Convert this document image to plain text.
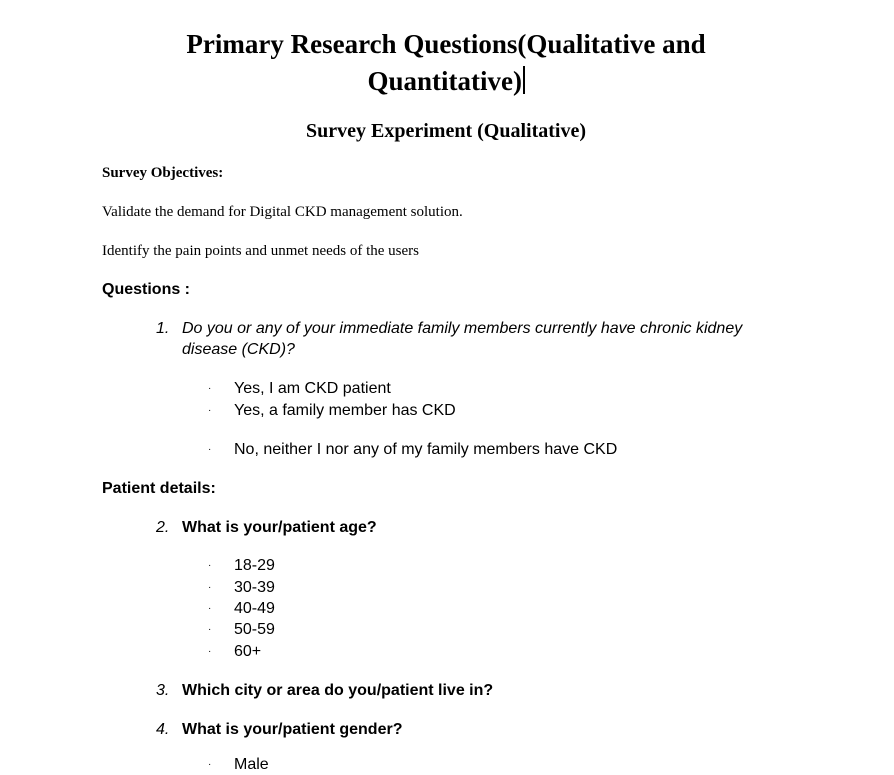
Primary Research Questions(Qualitative and
Quantitative)
Survey Experiment (Qualitative)
Survey Objectives:
Validate the demand for Digital CKD management solution.
Identify the pain points and unmet needs of the users
Questions :
1. Do you or any of your immediate family members currently have chronic kidney disease (CKD)?
· Yes, I am CKD patient
· Yes, a family member has CKD
· No, neither I nor any of my family members have CKD
Patient details:
2. What is your/patient age?
· 18-29
· 30-39
· 40-49
· 50-59
· 60+
3. Which city or area do you/patient live in?
4. What is your/patient gender?
· Male
